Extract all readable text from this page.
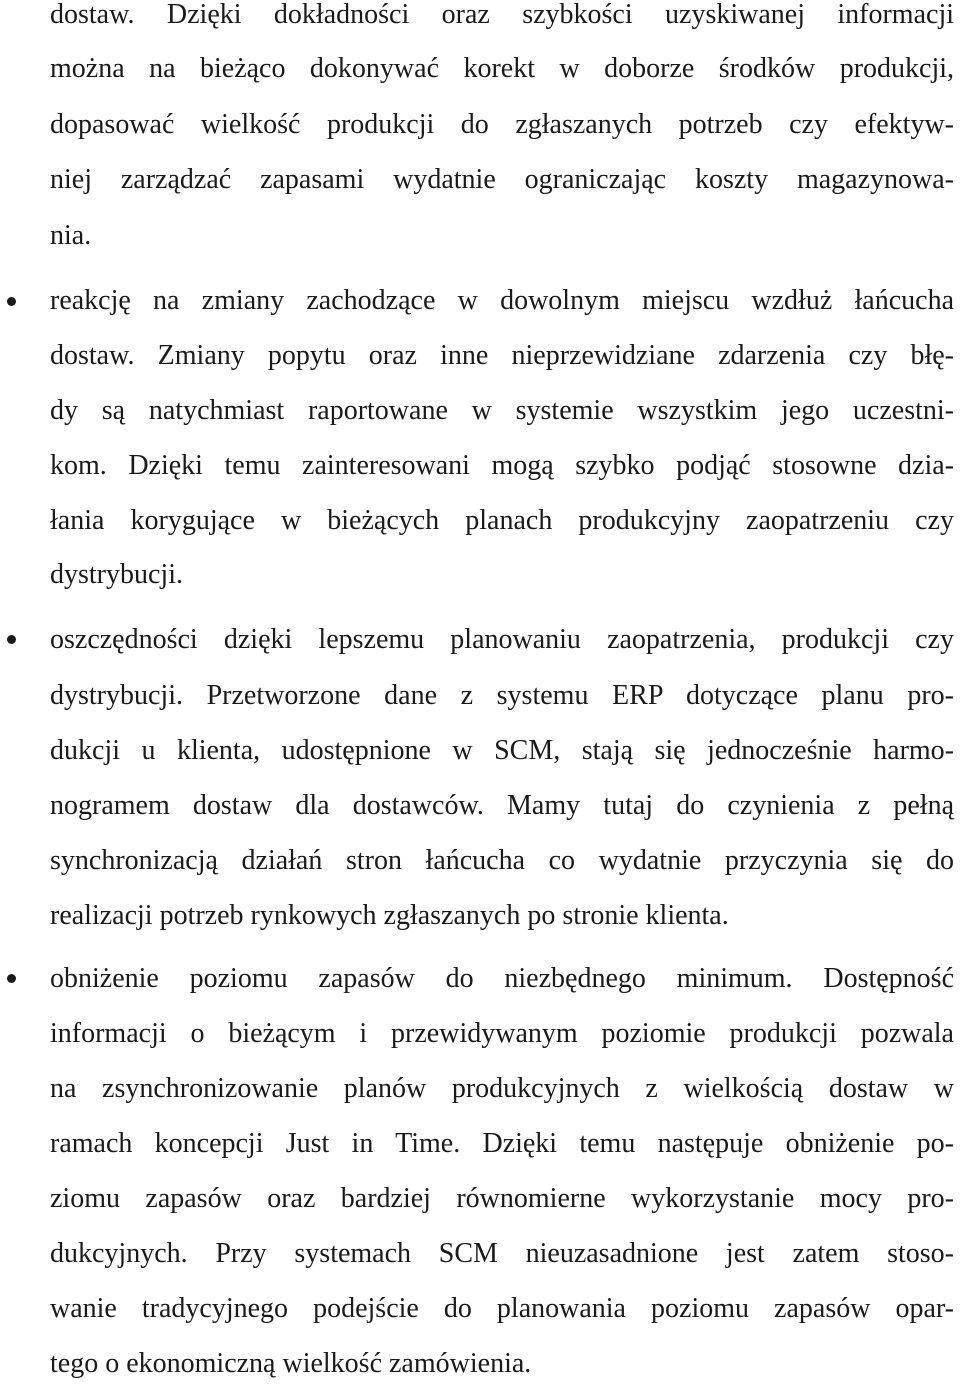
dostaw. Dzięki dokładności oraz szybkości uzyskiwanej informacji

można na bieżąco dokonywać korekt w doborze środków produkcji,

dopasować wielkość produkcji do zgłaszanych potrzeb czy efektyw-

niej zarządzać zapasami wydatnie ograniczając koszty magazynowa-

nia.

reakcję na zmiany zachodzące w dowolnym miejscu wzdłuż łańcucha

dostaw. Zmiany popytu oraz inne nieprzewidziane zdarzenia czy błę-

dy są natychmiast raportowane w systemie wszystkim jego uczestni-

kom. Dzięki temu zainteresowani mogą szybko podjąć stosowne dzia-

łania korygujące w bieżących planach produkcyjny zaopatrzeniu czy

dystrybucji.

oszczędności dzięki lepszemu planowaniu zaopatrzenia, produkcji czy

dystrybucji. Przetworzone dane z systemu ERP dotyczące planu pro-

dukcji u klienta, udostępnione w SCM, stają się jednocześnie harmo-

nogramem dostaw dla dostawców. Mamy tutaj do czynienia z pełną

synchronizacją działań stron łańcucha co wydatnie przyczynia się do

realizacji potrzeb rynkowych zgłaszanych po stronie klienta.

obniżenie poziomu zapasów do niezbędnego minimum. Dostępność

informacji o bieżącym i przewidywanym poziomie produkcji pozwala

na zsynchronizowanie planów produkcyjnych z wielkością dostaw w

ramach koncepcji Just in Time. Dzięki temu następuje obniżenie po-

ziomu zapasów oraz bardziej równomierne wykorzystanie mocy pro-

dukcyjnych. Przy systemach SCM nieuzasadnione jest zatem stoso-

wanie tradycyjnego podejście do planowania poziomu zapasów opar-

tego o ekonomiczną wielkość zamówienia.
